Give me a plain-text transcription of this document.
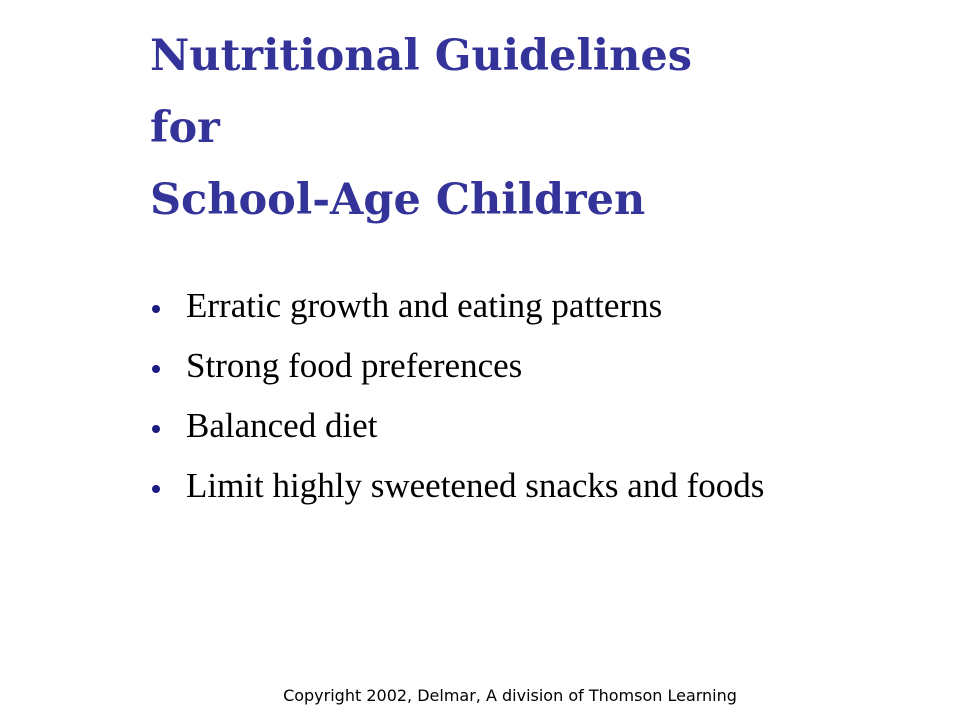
Nutritional Guidelines
for
School-Age Children
Erratic growth and eating patterns
Strong food preferences
Balanced diet
Limit highly sweetened snacks and foods
Copyright 2002, Delmar, A division of Thomson Learning
